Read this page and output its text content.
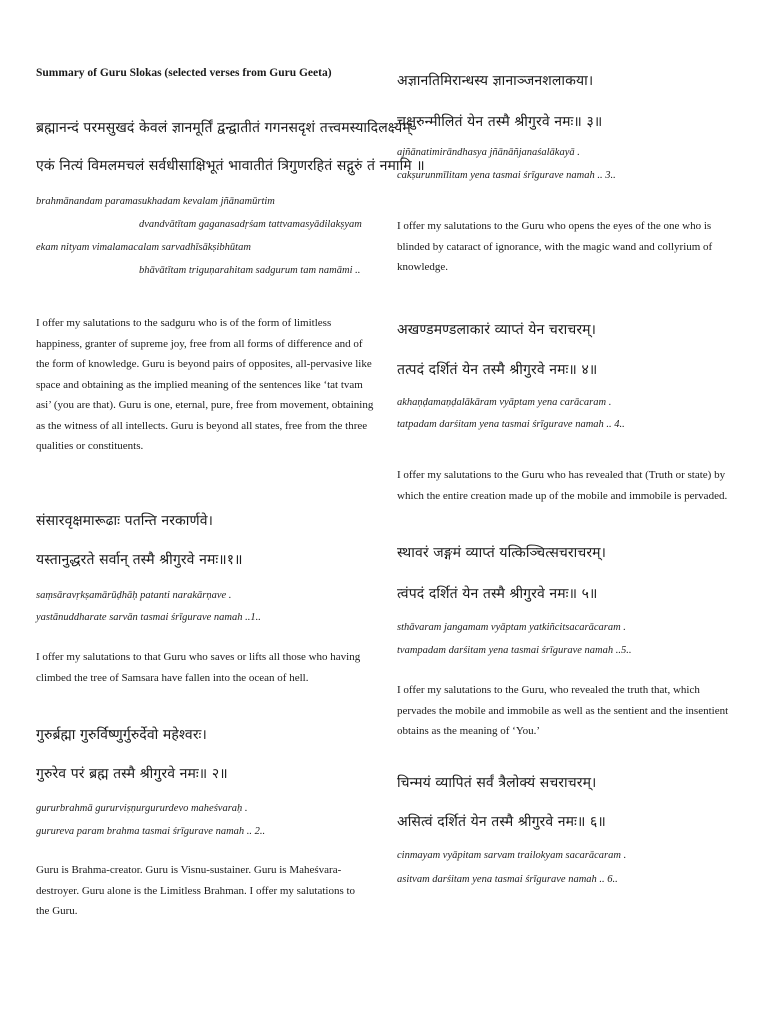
Summary of Guru Slokas (selected verses from Guru Geeta)
ब्रह्मानन्दं परमसुखदं केवलं ज्ञानमूर्तिं द्वन्द्वातीतं गगनसदृशं तत्त्वमस्यादिलक्ष्यम्
एकं नित्यं विमलमचलं सर्वधीसाक्षिभूतं भावातीतं त्रिगुणरहितं सद्गुरुं तं नमामि ॥
brahmānandam paramasukhadam kevalam jñānamūrtim
dvandvātītam gaganasadṛśam tattvamasyādilakṣyam
ekam nityam vimalamacalam sarvadhīsākṣibhūtam
bhāvātītam triguṇarahitam sadgurum tam namāmi ..
I offer my salutations to the sadguru who is of the form of limitless happiness, granter of supreme joy, free from all forms of difference and of the form of knowledge. Guru is beyond pairs of opposites, all-pervasive like space and obtaining as the implied meaning of the sentences like ‘tat tvam asi’ (you are that). Guru is one, eternal, pure, free from movement, obtaining as the witness of all intellects. Guru is beyond all states, free from the three qualities or constituents.
संसारवृक्षमारूढाः पतन्ति नरकार्णवे।
यस्तानुद्धरते सर्वान् तस्मै श्रीगुरवे नमः॥१॥
saṃsāravṛkṣamārūḍhāḥ patanti narakārṇave .
yastānuddharate sarvān tasmai śrīgurave namah ..1..
I offer my salutations to that Guru who saves or lifts all those who having climbed the tree of Samsara have fallen into the ocean of hell.
गुरुर्ब्रह्मा गुरुर्विष्णुर्गुरुर्देवो महेश्वरः।
गुरुरेव परं ब्रह्म तस्मै श्रीगुरवे नमः॥ २॥
gururbrahmā gururviṣṇurgururdevo maheśvaraḥ .
gurureva param brahma tasmai śrīgurave namah .. 2..
Guru is Brahma-creator. Guru is Visnu-sustainer. Guru is Maheśvara-destroyer. Guru alone is the Limitless Brahman. I offer my salutations to the Guru.
अज्ञानतिमिरान्धस्य ज्ञानाञ्जनशलाकया।
चक्षुरुन्मीलितं येन तस्मै श्रीगुरवे नमः॥ ३॥
ajñānatimirāndhasya jñānāñjanaśalākayā .
cakṣurunmīlitam yena tasmai śrīgurave namah .. 3..
I offer my salutations to the Guru who opens the eyes of the one who is blinded by cataract of ignorance, with the magic wand and collyrium of knowledge.
अखण्डमण्डलाकारं व्याप्तं येन चराचरम्।
तत्पदं दर्शितं येन तस्मै श्रीगुरवे नमः॥ ४॥
akhaṇḍamaṇḍalākāram vyāptam yena carācaram .
tatpadam darśitam yena tasmai śrīgurave namah .. 4..
I offer my salutations to the Guru who has revealed that (Truth or state) by which the entire creation made up of the mobile and immobile is pervaded.
स्थावरं जङ्गमं व्याप्तं यत्किञ्चित्सचराचरम्।
त्वंपदं दर्शितं येन तस्मै श्रीगुरवे नमः॥ ५॥
sthāvaram jangamam vyāptam yatkiñcitsacarācaram .
tvampadam darśitam yena tasmai śrīgurave namah ..5..
I offer my salutations to the Guru, who revealed the truth that, which pervades the mobile and immobile as well as the sentient and the insentient obtains as the meaning of ‘You.’
चिन्मयं व्यापितं सर्वं त्रैलोक्यं सचराचरम्।
असित्वं दर्शितं येन तस्मै श्रीगुरवे नमः॥ ६॥
cinmayam vyāpitam sarvam trailokyam sacarācaram .
asitvam darśitam yena tasmai śrīgurave namah .. 6..
